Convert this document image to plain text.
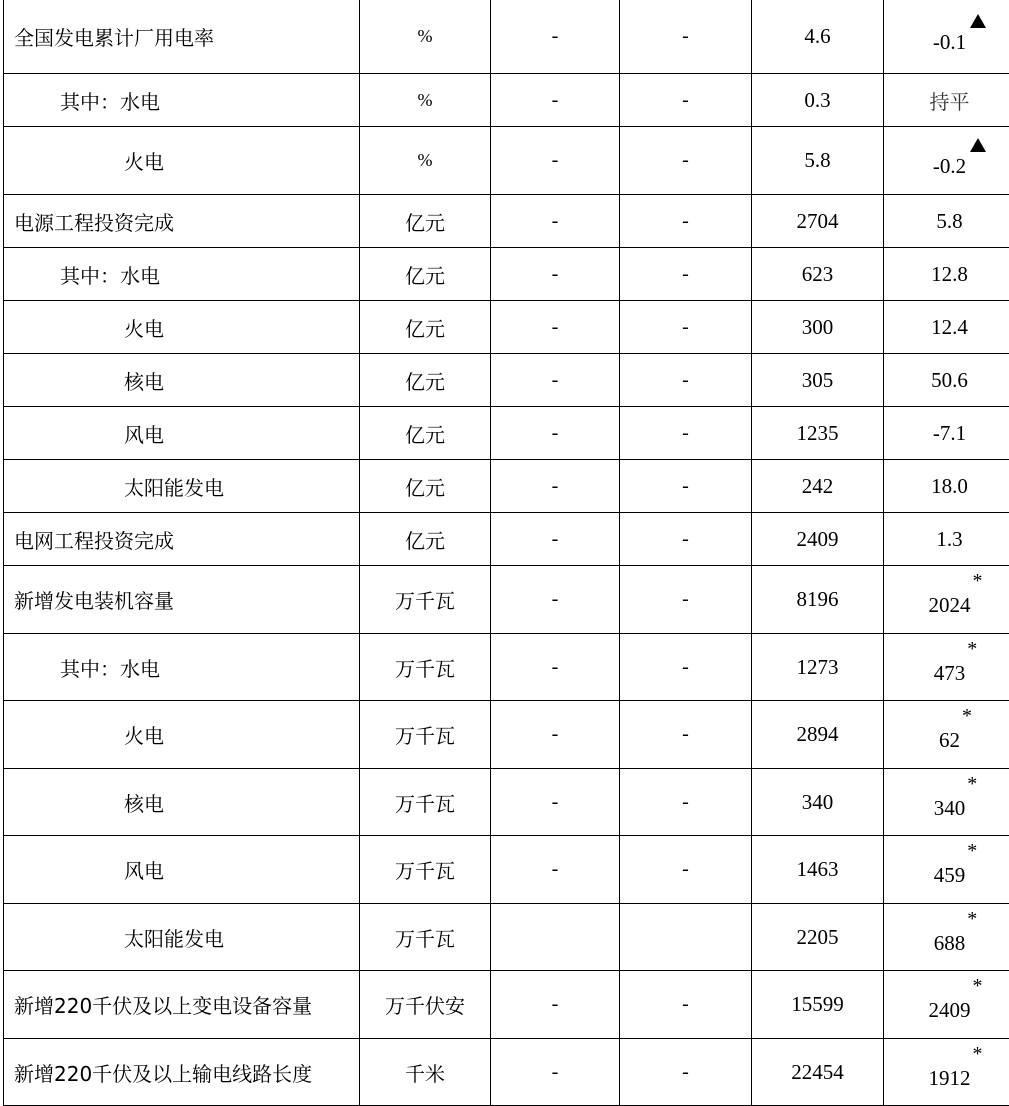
全国发电累计厂用电率	%	-	-	4.6	-0.1

其中：水电	%	-	-	0.3	持平
火电	%	-	-	5.8	-0.2

电源工程投资完成	亿元	-	-	2704	5.8
其中：水电	亿元	-	-	623	12.8
火电	亿元	-	-	300	12.4
核电	亿元	-	-	305	50.6
风电	亿元	-	-	1235	-7.1
太阳能发电	亿元	-	-	242	18.0
电网工程投资完成	亿元	-	-	2409	1.3
新增发电装机容量	万千瓦	-	-	8196	2024
*

其中：水电	万千瓦	-	-	1273	473
*

火电	万千瓦	-	-	2894	62
*

核电	万千瓦	-	-	340	340
*

风电	万千瓦	-	-	1463	459
*

太阳能发电	万千瓦			2205	688
*

新增220千伏及以上变电设备容量	万千伏安	-	-	15599	2409
*

新增220千伏及以上输电线路长度	千米	-	-	22454	1912
*
